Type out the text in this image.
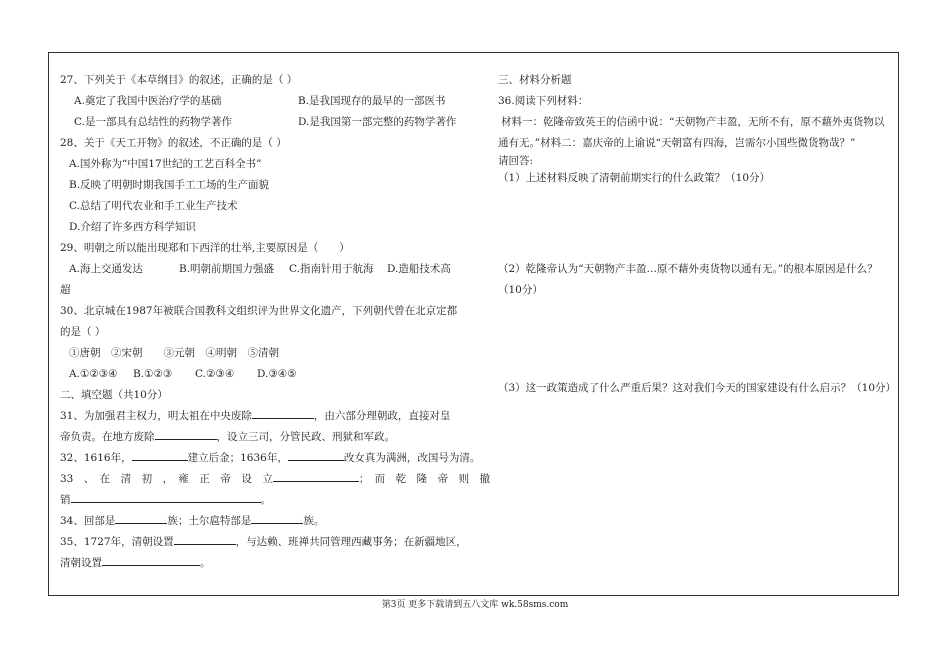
27、下列关于《本草纲目》的叙述，正确的是（ ）
A.奠定了我国中医治疗学的基础	B.是我国现存的最早的一部医书
C.是一部具有总结性的药物学著作	D.是我国第一部完整的药物学著作
28、关于《天工开物》的叙述，不正确的是（ ）
A.国外称为“中国17世纪的工艺百科全书”
B.反映了明朝时期我国手工工场的生产面貌
C.总结了明代农业和手工业生产技术
D.介绍了许多西方科学知识
29、明朝之所以能出现郑和下西洋的壮举,主要原因是（　　）
A.海上交通发达	B.明朝前期国力强盛	C.指南针用于航海	D.造船技术高
超
30、北京城在1987年被联合国教科文组织评为世界文化遗产，下列朝代曾在北京定都
的是（ ）
①唐朝　②宋朝　　③元朝　④明朝　⑤清朝
A.①②③④	B.①②③	C.②③④	D.③④⑤
二、填空题（共10分）
31、为加强君主权力，明太祖在中央废除	，由六部分理朝政，直接对皇
帝负责。在地方废除	，设立三司，分管民政、刑狱和军政。
32、1616年，	建立后金；1636年，	改女真为满洲，改国号为清。
33　、　在　清　初　，　雍　正　帝　设　立	；　而　乾　隆　帝　则　撤
销	。
34、回部是	族；土尔扈特部是	族。
35、1727年，清朝设置	，与达赖、班禅共同管理西藏事务；在新疆地区，
清朝设置	。
三、材料分析题
36.阅读下列材料：
材料一：乾隆帝致英王的信函中说：“天朝物产丰盈，无所不有，原不藉外夷货物以
通有无。”材料二：嘉庆帝的上谕说“天朝富有四海，岂需尔小国些微货物哉？”
请回答:
（1）上述材料反映了清朝前期实行的什么政策？（10分）
（2）乾隆帝认为“天朝物产丰盈…原不藉外夷货物以通有无。”的根本原因是什么？
（10分）
（3）这一政策造成了什么严重后果？这对我们今天的国家建设有什么启示？（10分）
第3页 更多下载请到五八文库 wk.58sms.com
